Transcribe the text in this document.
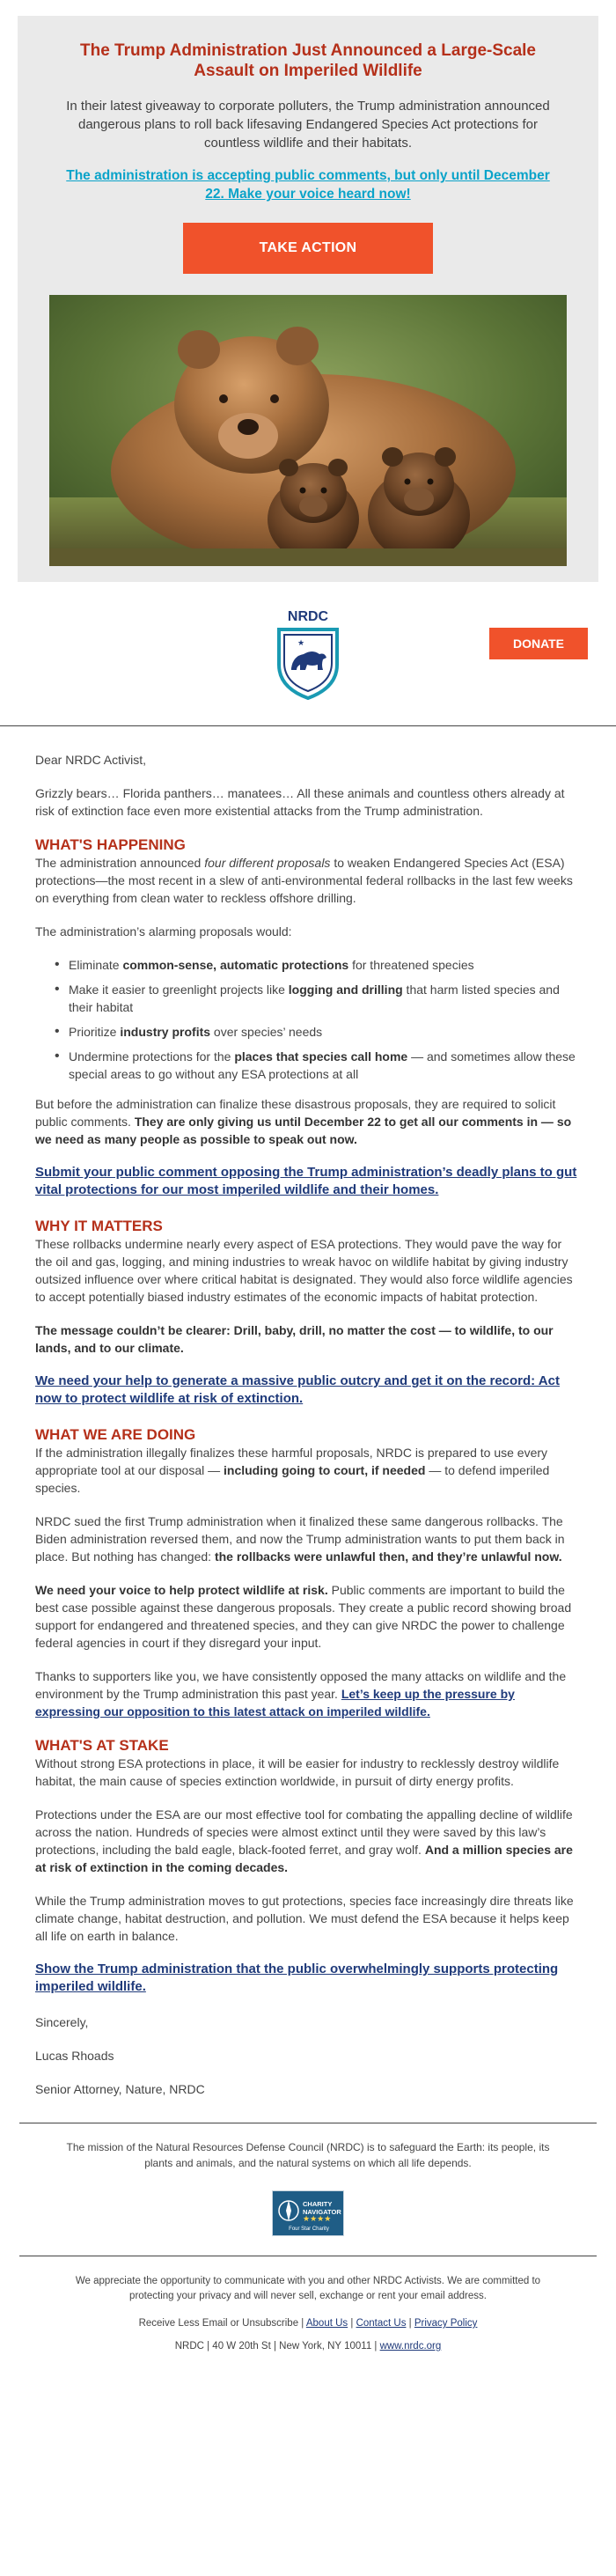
The Trump Administration Just Announced a Large-Scale Assault on Imperiled Wildlife
In their latest giveaway to corporate polluters, the Trump administration announced dangerous plans to roll back lifesaving Endangered Species Act protections for countless wildlife and their habitats.
The administration is accepting public comments, but only until December 22. Make your voice heard now!
TAKE ACTION
NRDC
★	DONATE

Dear NRDC Activist,

Grizzly bears… Florida panthers… manatees… All these animals and countless others already at risk of extinction face even more existential attacks from the Trump administration.

WHAT'S HAPPENING

The administration announced four different proposals to weaken Endangered Species Act (ESA) protections—the most recent in a slew of anti-environmental federal rollbacks in the last few weeks on everything from clean water to reckless offshore drilling.

The administration’s alarming proposals would:

• Eliminate common-sense, automatic protections for threatened species
• Make it easier to greenlight projects like logging and drilling that harm listed species and their habitat
• Prioritize industry profits over species’ needs
• Undermine protections for the places that species call home — and sometimes allow these special areas to go without any ESA protections at all

But before the administration can finalize these disastrous proposals, they are required to solicit public comments. They are only giving us until December 22 to get all our comments in — so we need as many people as possible to speak out now.

Submit your public comment opposing the Trump administration’s deadly plans to gut vital protections for our most imperiled wildlife and their homes.
WHY IT MATTERS

These rollbacks undermine nearly every aspect of ESA protections. They would pave the way for the oil and gas, logging, and mining industries to wreak havoc on wildlife habitat by giving industry outsized influence over where critical habitat is designated. They would also force wildlife agencies to accept potentially biased industry estimates of the economic impacts of habitat protection.

The message couldn’t be clearer: Drill, baby, drill, no matter the cost — to wildlife, to our lands, and to our climate.

We need your help to generate a massive public outcry and get it on the record: Act now to protect wildlife at risk of extinction.
WHAT WE ARE DOING

If the administration illegally finalizes these harmful proposals, NRDC is prepared to use every appropriate tool at our disposal — including going to court, if needed — to defend imperiled species.

NRDC sued the first Trump administration when it finalized these same dangerous rollbacks. The Biden administration reversed them, and now the Trump administration wants to put them back in place. But nothing has changed: the rollbacks were unlawful then, and they’re unlawful now.

We need your voice to help protect wildlife at risk. Public comments are important to build the best case possible against these dangerous proposals. They create a public record showing broad support for endangered and threatened species, and they can give NRDC the power to challenge federal agencies in court if they disregard your input.

Thanks to supporters like you, we have consistently opposed the many attacks on wildlife and the environment by the Trump administration this past year. Let’s keep up the pressure by expressing our opposition to this latest attack on imperiled wildlife.

WHAT'S AT STAKE

Without strong ESA protections in place, it will be easier for industry to recklessly destroy wildlife habitat, the main cause of species extinction worldwide, in pursuit of dirty energy profits.

Protections under the ESA are our most effective tool for combating the appalling decline of wildlife across the nation. Hundreds of species were almost extinct until they were saved by this law’s protections, including the bald eagle, black-footed ferret, and gray wolf. And a million species are at risk of extinction in the coming decades.

While the Trump administration moves to gut protections, species face increasingly dire threats like climate change, habitat destruction, and pollution. We must defend the ESA because it helps keep all life on earth in balance.

Show the Trump administration that the public overwhelmingly supports protecting imperiled wildlife.

Sincerely,

Lucas Rhoads

Senior Attorney, Nature, NRDC

The mission of the Natural Resources Defense Council (NRDC) is to safeguard the Earth: its people, its plants and animals, and the natural systems on which all life depends.
CHARITY
NAVIGATOR
★★★★
Four Star Charity
We appreciate the opportunity to communicate with you and other NRDC Activists. We are committed to protecting your privacy and will never sell, exchange or rent your email address.
Receive Less Email or Unsubscribe | About Us | Contact Us | Privacy Policy
NRDC | 40 W 20th St | New York, NY 10011 | www.nrdc.org
